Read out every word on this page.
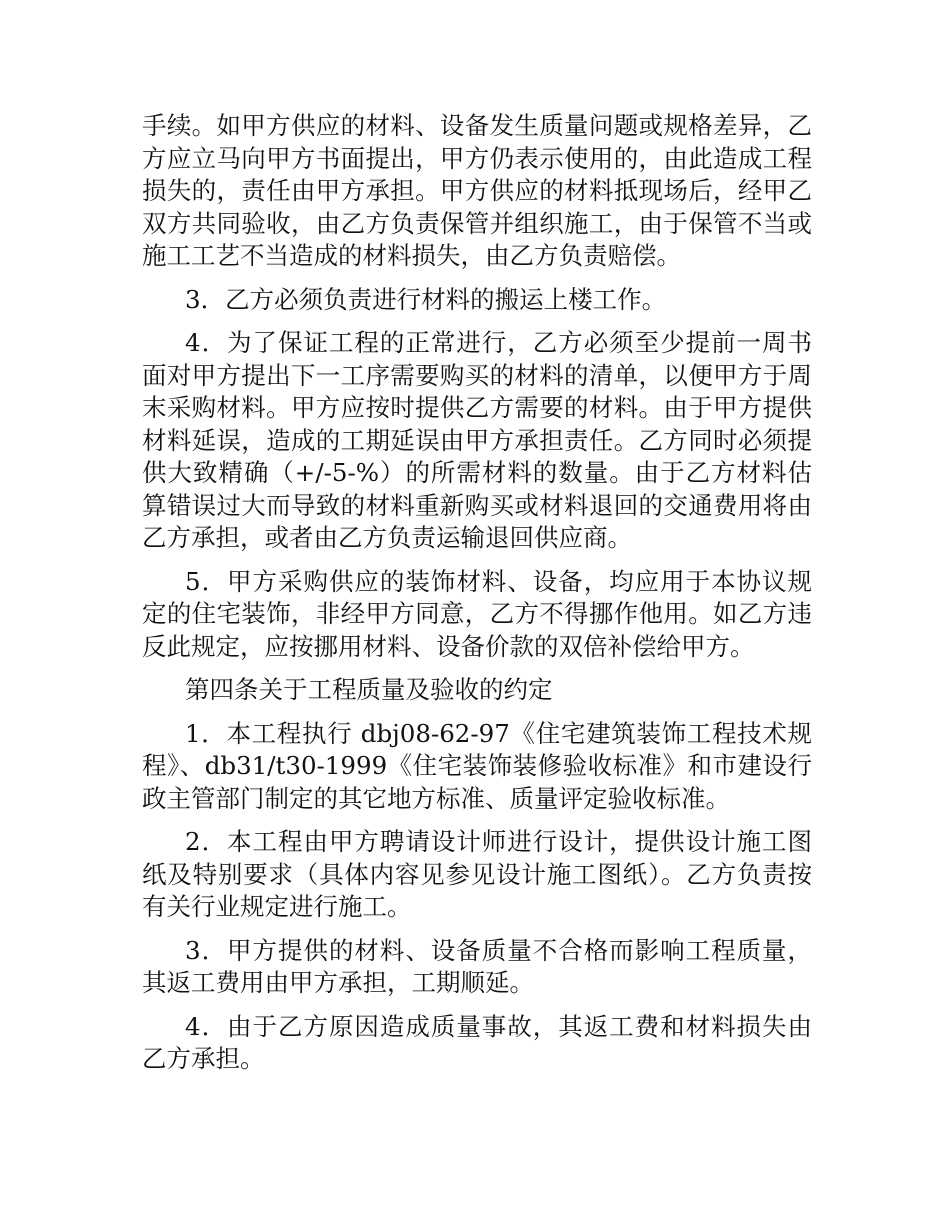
手续。如甲方供应的材料、设备发生质量问题或规格差异，乙方应立马向甲方书面提出，甲方仍表示使用的，由此造成工程损失的，责任由甲方承担。甲方供应的材料抵现场后，经甲乙双方共同验收，由乙方负责保管并组织施工，由于保管不当或施工工艺不当造成的材料损失，由乙方负责赔偿。

3．乙方必须负责进行材料的搬运上楼工作。

4．为了保证工程的正常进行，乙方必须至少提前一周书面对甲方提出下一工序需要购买的材料的清单，以便甲方于周末采购材料。甲方应按时提供乙方需要的材料。由于甲方提供材料延误，造成的工期延误由甲方承担责任。乙方同时必须提供大致精确（+/-5-%）的所需材料的数量。由于乙方材料估算错误过大而导致的材料重新购买或材料退回的交通费用将由乙方承担，或者由乙方负责运输退回供应商。

5．甲方采购供应的装饰材料、设备，均应用于本协议规定的住宅装饰，非经甲方同意，乙方不得挪作他用。如乙方违反此规定，应按挪用材料、设备价款的双倍补偿给甲方。

第四条关于工程质量及验收的约定

1．本工程执行 dbj08-62-97《住宅建筑装饰工程技术规程》、db31/t30-1999《住宅装饰装修验收标准》和市建设行政主管部门制定的其它地方标准、质量评定验收标准。

2．本工程由甲方聘请设计师进行设计，提供设计施工图纸及特别要求（具体内容见参见设计施工图纸）。乙方负责按有关行业规定进行施工。

3．甲方提供的材料、设备质量不合格而影响工程质量，其返工费用由甲方承担，工期顺延。

4．由于乙方原因造成质量事故，其返工费和材料损失由乙方承担。
